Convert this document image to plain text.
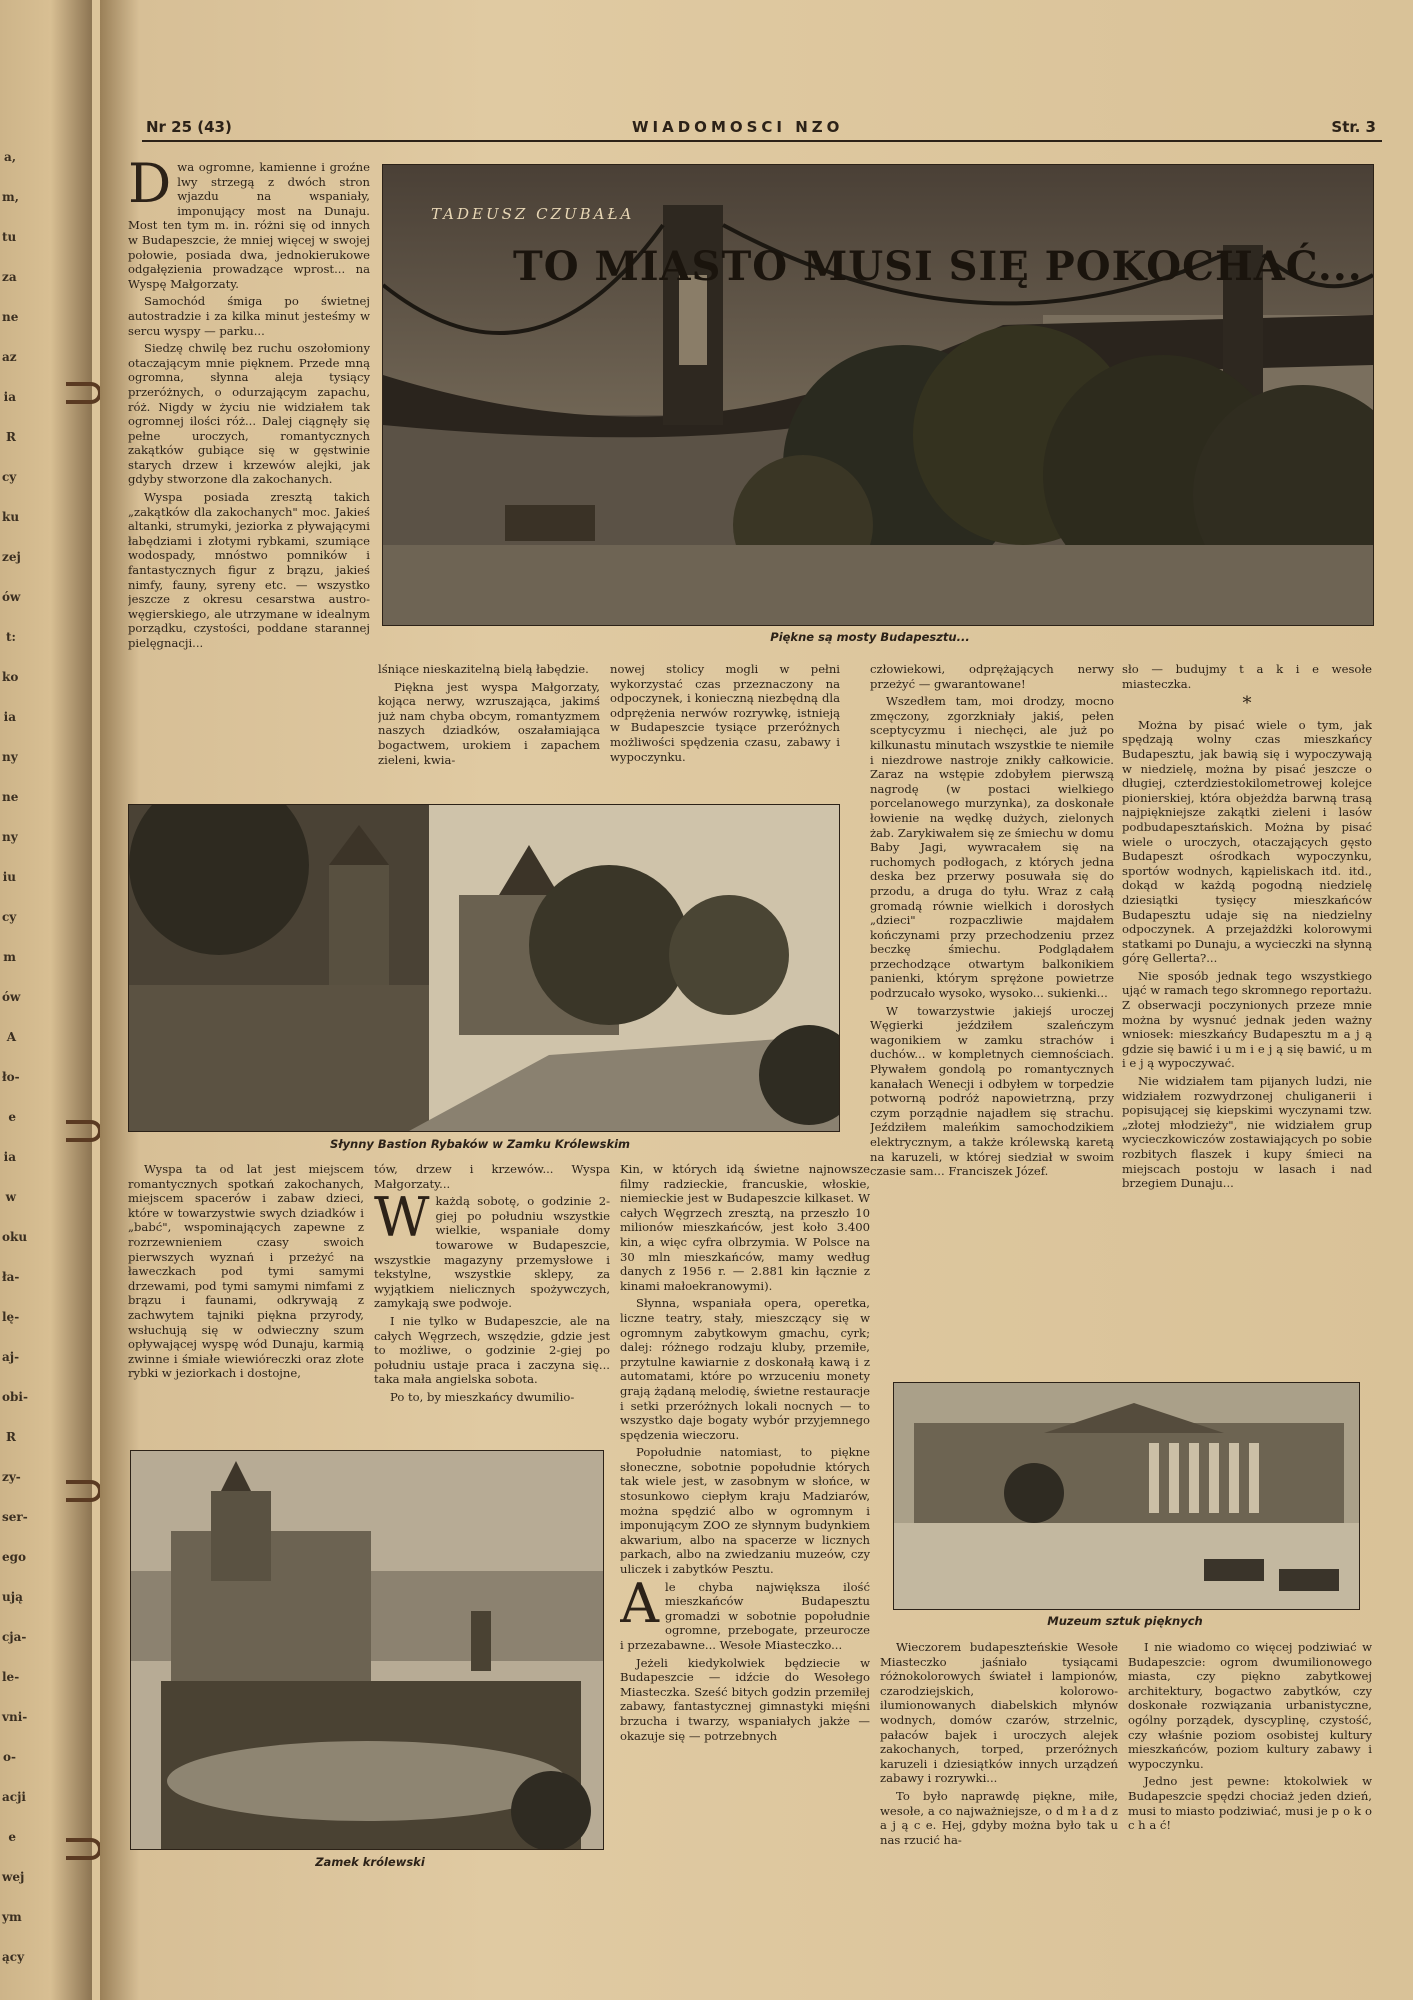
a,
m,
tu
za
ne
az
ia
R
cy
ku
zej
ów
t:
ko
ia
ny
ne
ny
iu
cy
m
ów
A
ło-
e
ia
w
oku
ła-
lę-
aj-
obi-
R
zy-
ser-
ego
ują
cja-
le-
vni-
o-
acji
e
wej
ym
ący
Nr 25 (43)	WIADOMOSCI NZO	Str. 3
TADEUSZ CZUBAŁA
TO MIASTO MUSI SIĘ POKOCHAĆ...
Piękne są mosty Budapesztu...
Słynny Bastion Rybaków w Zamku Królewskim
Zamek królewski
Muzeum sztuk pięknych
D wa ogromne, kamienne i groźne lwy strzegą z dwóch stron wjazdu na wspaniały, imponujący most na Dunaju. Most ten tym m. in. różni się od innych w Budapeszcie, że mniej więcej w swojej połowie, posiada dwa, jednokierukowe odgałęzienia prowadzące wprost... na Wyspę Małgorzaty.

Samochód śmiga po świetnej autostradzie i za kilka minut jesteśmy w sercu wyspy — parku...

Siedzę chwilę bez ruchu oszołomiony otaczającym mnie pięknem. Przede mną ogromna, słynna aleja tysiący przeróżnych, o odurzającym zapachu, róż. Nigdy w życiu nie widziałem tak ogromnej ilości róż... Dalej ciągnęły się pełne uroczych, romantycznych zakątków gubiące się w gęstwinie starych drzew i krzewów alejki, jak gdyby stworzone dla zakochanych.

Wyspa posiada zresztą takich „zakątków dla zakochanych" moc. Jakieś altanki, strumyki, jeziorka z pływającymi łabędziami i złotymi rybkami, szumiące wodospady, mnóstwo pomników i fantastycznych figur z brązu, jakieś nimfy, fauny, syreny etc. — wszystko jeszcze z okresu cesarstwa austro-węgierskiego, ale utrzymane w idealnym porządku, czystości, poddane starannej pielęgnacji...

lśniące nieskazitelną bielą łabędzie.

Piękna jest wyspa Małgorzaty, kojąca nerwy, wzruszająca, jakimś już nam chyba obcym, romantyzmem naszych dziadków, oszałamiająca bogactwem, urokiem i zapachem zieleni, kwia-

nowej stolicy mogli w pełni wykorzystać czas przeznaczony na odpoczynek, i konieczną niezbędną dla odprężenia nerwów rozrywkę, istnieją w Budapeszcie tysiące przeróżnych możliwości spędzenia czasu, zabawy i wypoczynku.

człowiekowi, odprężających nerwy przeżyć — gwarantowane!

Wszedłem tam, moi drodzy, mocno zmęczony, zgorzkniały jakiś, pełen sceptycyzmu i niechęci, ale już po kilkunastu minutach wszystkie te niemiłe i niezdrowe nastroje znikły całkowicie. Zaraz na wstępie zdobyłem pierwszą nagrodę (w postaci wielkiego porcelanowego murzynka), za doskonałe łowienie na wędkę dużych, zielonych żab. Zarykiwałem się ze śmiechu w domu Baby Jagi, wywracałem się na ruchomych podłogach, z których jedna deska bez przerwy posuwała się do przodu, a druga do tyłu. Wraz z całą gromadą równie wielkich i dorosłych „dzieci" rozpaczliwie majdałem kończynami przy przechodzeniu przez beczkę śmiechu. Podglądałem przechodzące otwartym balkonikiem panienki, którym sprężone powietrze podrzucało wysoko, wysoko... sukienki...

W towarzystwie jakiejś uroczej Węgierki jeździłem szaleńczym wagonikiem w zamku strachów i duchów... w kompletnych ciemnościach. Pływałem gondolą po romantycznych kanałach Wenecji i odbyłem w torpedzie potworną podróż napowietrzną, przy czym porządnie najadłem się strachu. Jeździłem maleńkim samochodzikiem elektrycznym, a także królewską karetą na karuzeli, w której siedział w swoim czasie sam... Franciszek Józef.

sło — budujmy t a k i e wesołe miasteczka.

*

Można by pisać wiele o tym, jak spędzają wolny czas mieszkańcy Budapesztu, jak bawią się i wypoczywają w niedzielę, można by pisać jeszcze o długiej, czterdziestokilometrowej kolejce pionierskiej, która objeżdża barwną trasą najpiękniejsze zakątki zieleni i lasów podbudapesztańskich. Można by pisać wiele o uroczych, otaczających gęsto Budapeszt ośrodkach wypoczynku, sportów wodnych, kąpieliskach itd. itd., dokąd w każdą pogodną niedzielę dziesiątki tysięcy mieszkańców Budapesztu udaje się na niedzielny odpoczynek. A przejażdżki kolorowymi statkami po Dunaju, a wycieczki na słynną górę Gellerta?...

Nie sposób jednak tego wszystkiego ująć w ramach tego skromnego reportażu. Z obserwacji poczynionych przeze mnie można by wysnuć jednak jeden ważny wniosek: mieszkańcy Budapesztu m a j ą gdzie się bawić i u m i e j ą się bawić, u m i e j ą wypoczywać.

Nie widziałem tam pijanych ludzi, nie widziałem rozwydrzonej chuliganerii i popisującej się kiepskimi wyczynami tzw. „złotej młodzieży", nie widziałem grup wycieczkowiczów zostawiających po sobie rozbitych flaszek i kupy śmieci na miejscach postoju w lasach i nad brzegiem Dunaju...

Wyspa ta od lat jest miejscem romantycznych spotkań zakochanych, miejscem spacerów i zabaw dzieci, które w towarzystwie swych dziadków i „babć", wspominających zapewne z rozrzewnieniem czasy swoich pierwszych wyznań i przeżyć na ławeczkach pod tymi samymi drzewami, pod tymi samymi nimfami z brązu i faunami, odkrywają z zachwytem tajniki piękna przyrody, wsłuchują się w odwieczny szum opływającej wyspę wód Dunaju, karmią zwinne i śmiałe wiewióreczki oraz złote rybki w jeziorkach i dostojne,

tów, drzew i krzewów... Wyspa Małgorzaty...

W każdą sobotę, o godzinie 2-giej po południu wszystkie wielkie, wspaniałe domy towarowe w Budapeszcie, wszystkie magazyny przemysłowe i tekstylne, wszystkie sklepy, za wyjątkiem nielicznych spożywczych, zamykają swe podwoje.

I nie tylko w Budapeszcie, ale na całych Węgrzech, wszędzie, gdzie jest to możliwe, o godzinie 2-giej po południu ustaje praca i zaczyna się... taka mała angielska sobota.

Po to, by mieszkańcy dwumilio-

Kin, w których idą świetne najnowsze filmy radzieckie, francuskie, włoskie, niemieckie jest w Budapeszcie kilkaset. W całych Węgrzech zresztą, na przeszło 10 milionów mieszkańców, jest koło 3.400 kin, a więc cyfra olbrzymia. W Polsce na 30 mln mieszkańców, mamy według danych z 1956 r. — 2.881 kin łącznie z kinami małoekranowymi).

Słynna, wspaniała opera, operetka, liczne teatry, stały, mieszczący się w ogromnym zabytkowym gmachu, cyrk; dalej: różnego rodzaju kluby, przemiłe, przytulne kawiarnie z doskonałą kawą i z automatami, które po wrzuceniu monety grają żądaną melodię, świetne restauracje i setki przeróżnych lokali nocnych — to wszystko daje bogaty wybór przyjemnego spędzenia wieczoru.

Popołudnie natomiast, to piękne słoneczne, sobotnie popołudnie których tak wiele jest, w zasobnym w słońce, w stosunkowo ciepłym kraju Madziarów, można spędzić albo w ogromnym i imponującym ZOO ze słynnym budynkiem akwarium, albo na spacerze w licznych parkach, albo na zwiedzaniu muzeów, czy uliczek i zabytków Pesztu.

A le chyba największa ilość mieszkańców Budapesztu gromadzi w sobotnie popołudnie ogromne, przebogate, przeurocze i przezabawne... Wesołe Miasteczko...

Jeżeli kiedykolwiek będziecie w Budapeszcie — idźcie do Wesołego Miasteczka. Sześć bitych godzin przemiłej zabawy, fantastycznej gimnastyki mięśni brzucha i twarzy, wspaniałych jakże — okazuje się — potrzebnych

Wieczorem budapeszteńskie Wesołe Miasteczko jaśniało tysiącami różnokolorowych świateł i lampionów, czarodziejskich, kolorowo-ilumionowanych diabelskich młynów wodnych, domów czarów, strzelnic, pałaców bajek i uroczych alejek zakochanych, torped, przeróżnych karuzeli i dziesiątków innych urządzeń zabawy i rozrywki...

To było naprawdę piękne, miłe, wesołe, a co najważniejsze, o d m ł a d z a j ą c e. Hej, gdyby można było tak u nas rzucić ha-

I nie wiadomo co więcej podziwiać w Budapeszcie: ogrom dwumilionowego miasta, czy piękno zabytkowej architektury, bogactwo zabytków, czy doskonałe rozwiązania urbanistyczne, ogólny porządek, dyscyplinę, czystość, czy właśnie poziom osobistej kultury mieszkańców, poziom kultury zabawy i wypoczynku.

Jedno jest pewne: ktokolwiek w Budapeszcie spędzi chociaż jeden dzień, musi to miasto podziwiać, musi je p o k o c h a ć!
